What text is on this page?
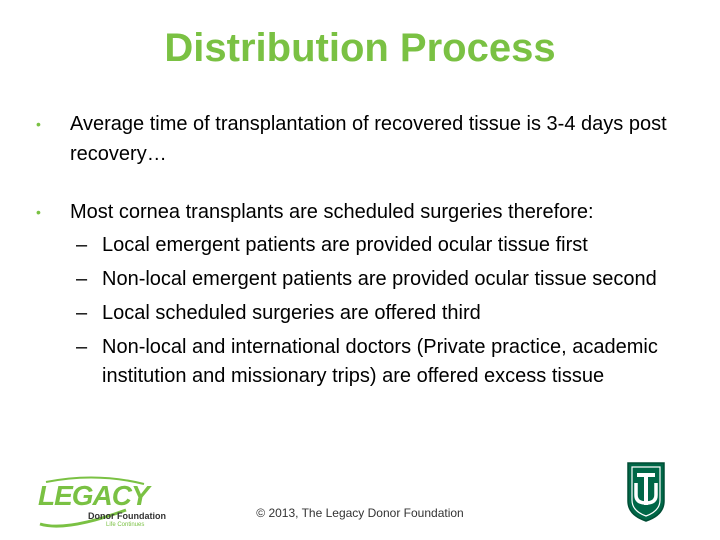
Distribution Process
• Average time of transplantation of recovered tissue is 3-4 days post recovery…
• Most cornea transplants are scheduled surgeries therefore:
– Local emergent patients are provided ocular tissue first
– Non-local emergent patients are provided ocular tissue second
– Local scheduled surgeries are offered third
– Non-local and international doctors (Private practice, academic institution and missionary trips) are offered excess tissue
LEGACY
Donor Foundation
Life Continues
© 2013, The Legacy Donor Foundation
